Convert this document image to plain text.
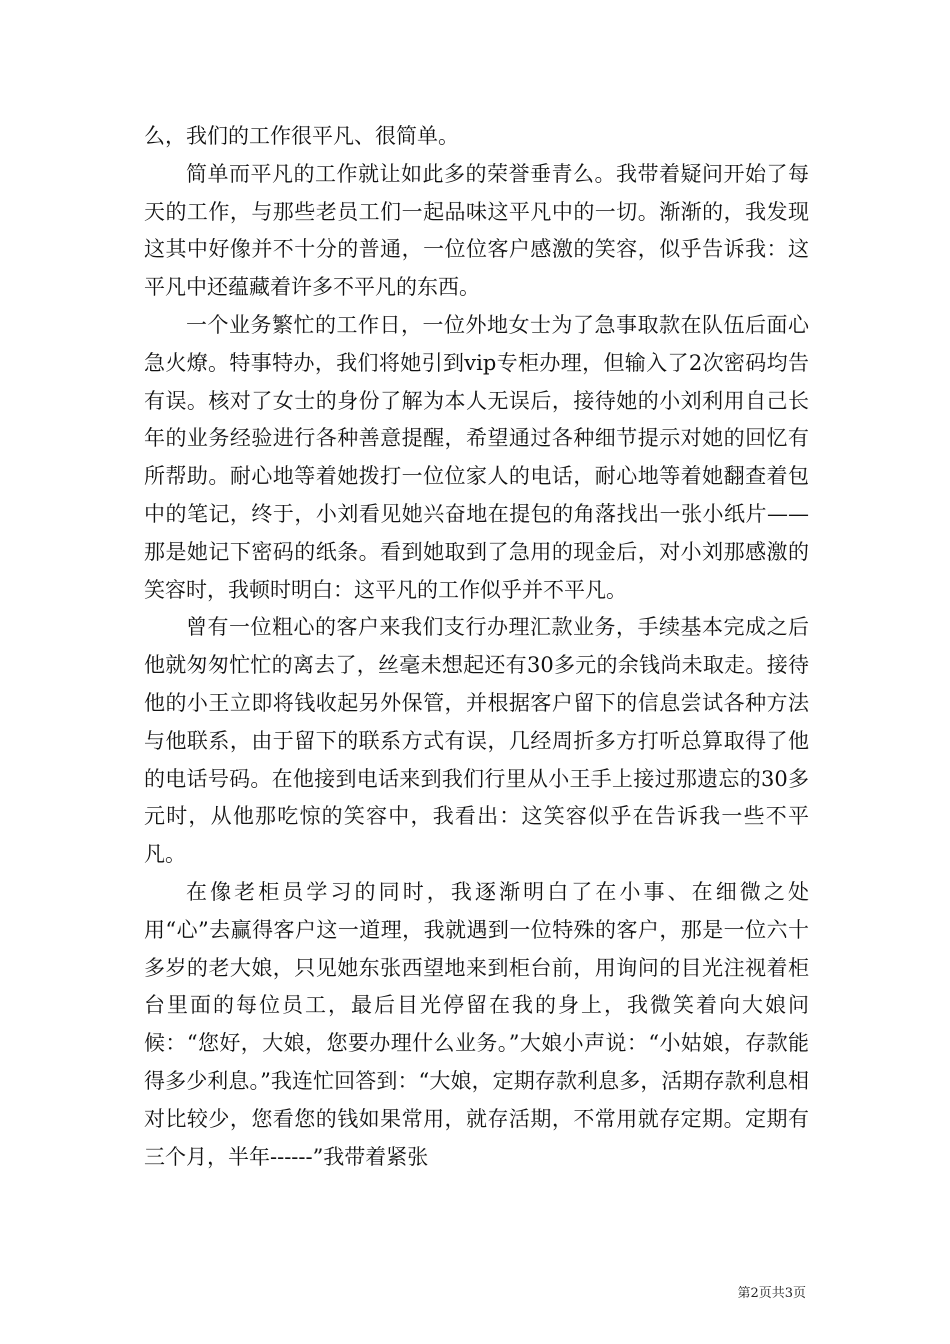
么，我们的工作很平凡、很简单。

简单而平凡的工作就让如此多的荣誉垂青么。我带着疑问开始了每天的工作，与那些老员工们一起品味这平凡中的一切。渐渐的，我发现这其中好像并不十分的普通，一位位客户感激的笑容，似乎告诉我：这平凡中还蕴藏着许多不平凡的东西。

一个业务繁忙的工作日，一位外地女士为了急事取款在队伍后面心急火燎。特事特办，我们将她引到vip专柜办理，但输入了2次密码均告有误。核对了女士的身份了解为本人无误后，接待她的小刘利用自己长年的业务经验进行各种善意提醒，希望通过各种细节提示对她的回忆有所帮助。耐心地等着她拨打一位位家人的电话，耐心地等着她翻查着包中的笔记，终于，小刘看见她兴奋地在提包的角落找出一张小纸片——那是她记下密码的纸条。看到她取到了急用的现金后，对小刘那感激的笑容时，我顿时明白：这平凡的工作似乎并不平凡。

曾有一位粗心的客户来我们支行办理汇款业务，手续基本完成之后他就匆匆忙忙的离去了，丝毫未想起还有30多元的余钱尚未取走。接待他的小王立即将钱收起另外保管，并根据客户留下的信息尝试各种方法与他联系，由于留下的联系方式有误，几经周折多方打听总算取得了他的电话号码。在他接到电话来到我们行里从小王手上接过那遗忘的30多元时，从他那吃惊的笑容中，我看出：这笑容似乎在告诉我一些不平凡。

在像老柜员学习的同时，我逐渐明白了在小事、在细微之处用“心”去赢得客户这一道理，我就遇到一位特殊的客户，那是一位六十多岁的老大娘，只见她东张西望地来到柜台前，用询问的目光注视着柜台里面的每位员工，最后目光停留在我的身上，我微笑着向大娘问候：“您好，大娘，您要办理什么业务。”大娘小声说：“小姑娘，存款能得多少利息。”我连忙回答到：“大娘，定期存款利息多，活期存款利息相对比较少，您看您的钱如果常用，就存活期，不常用就存定期。定期有三个月，半年------”我带着紧张

第2页共3页
